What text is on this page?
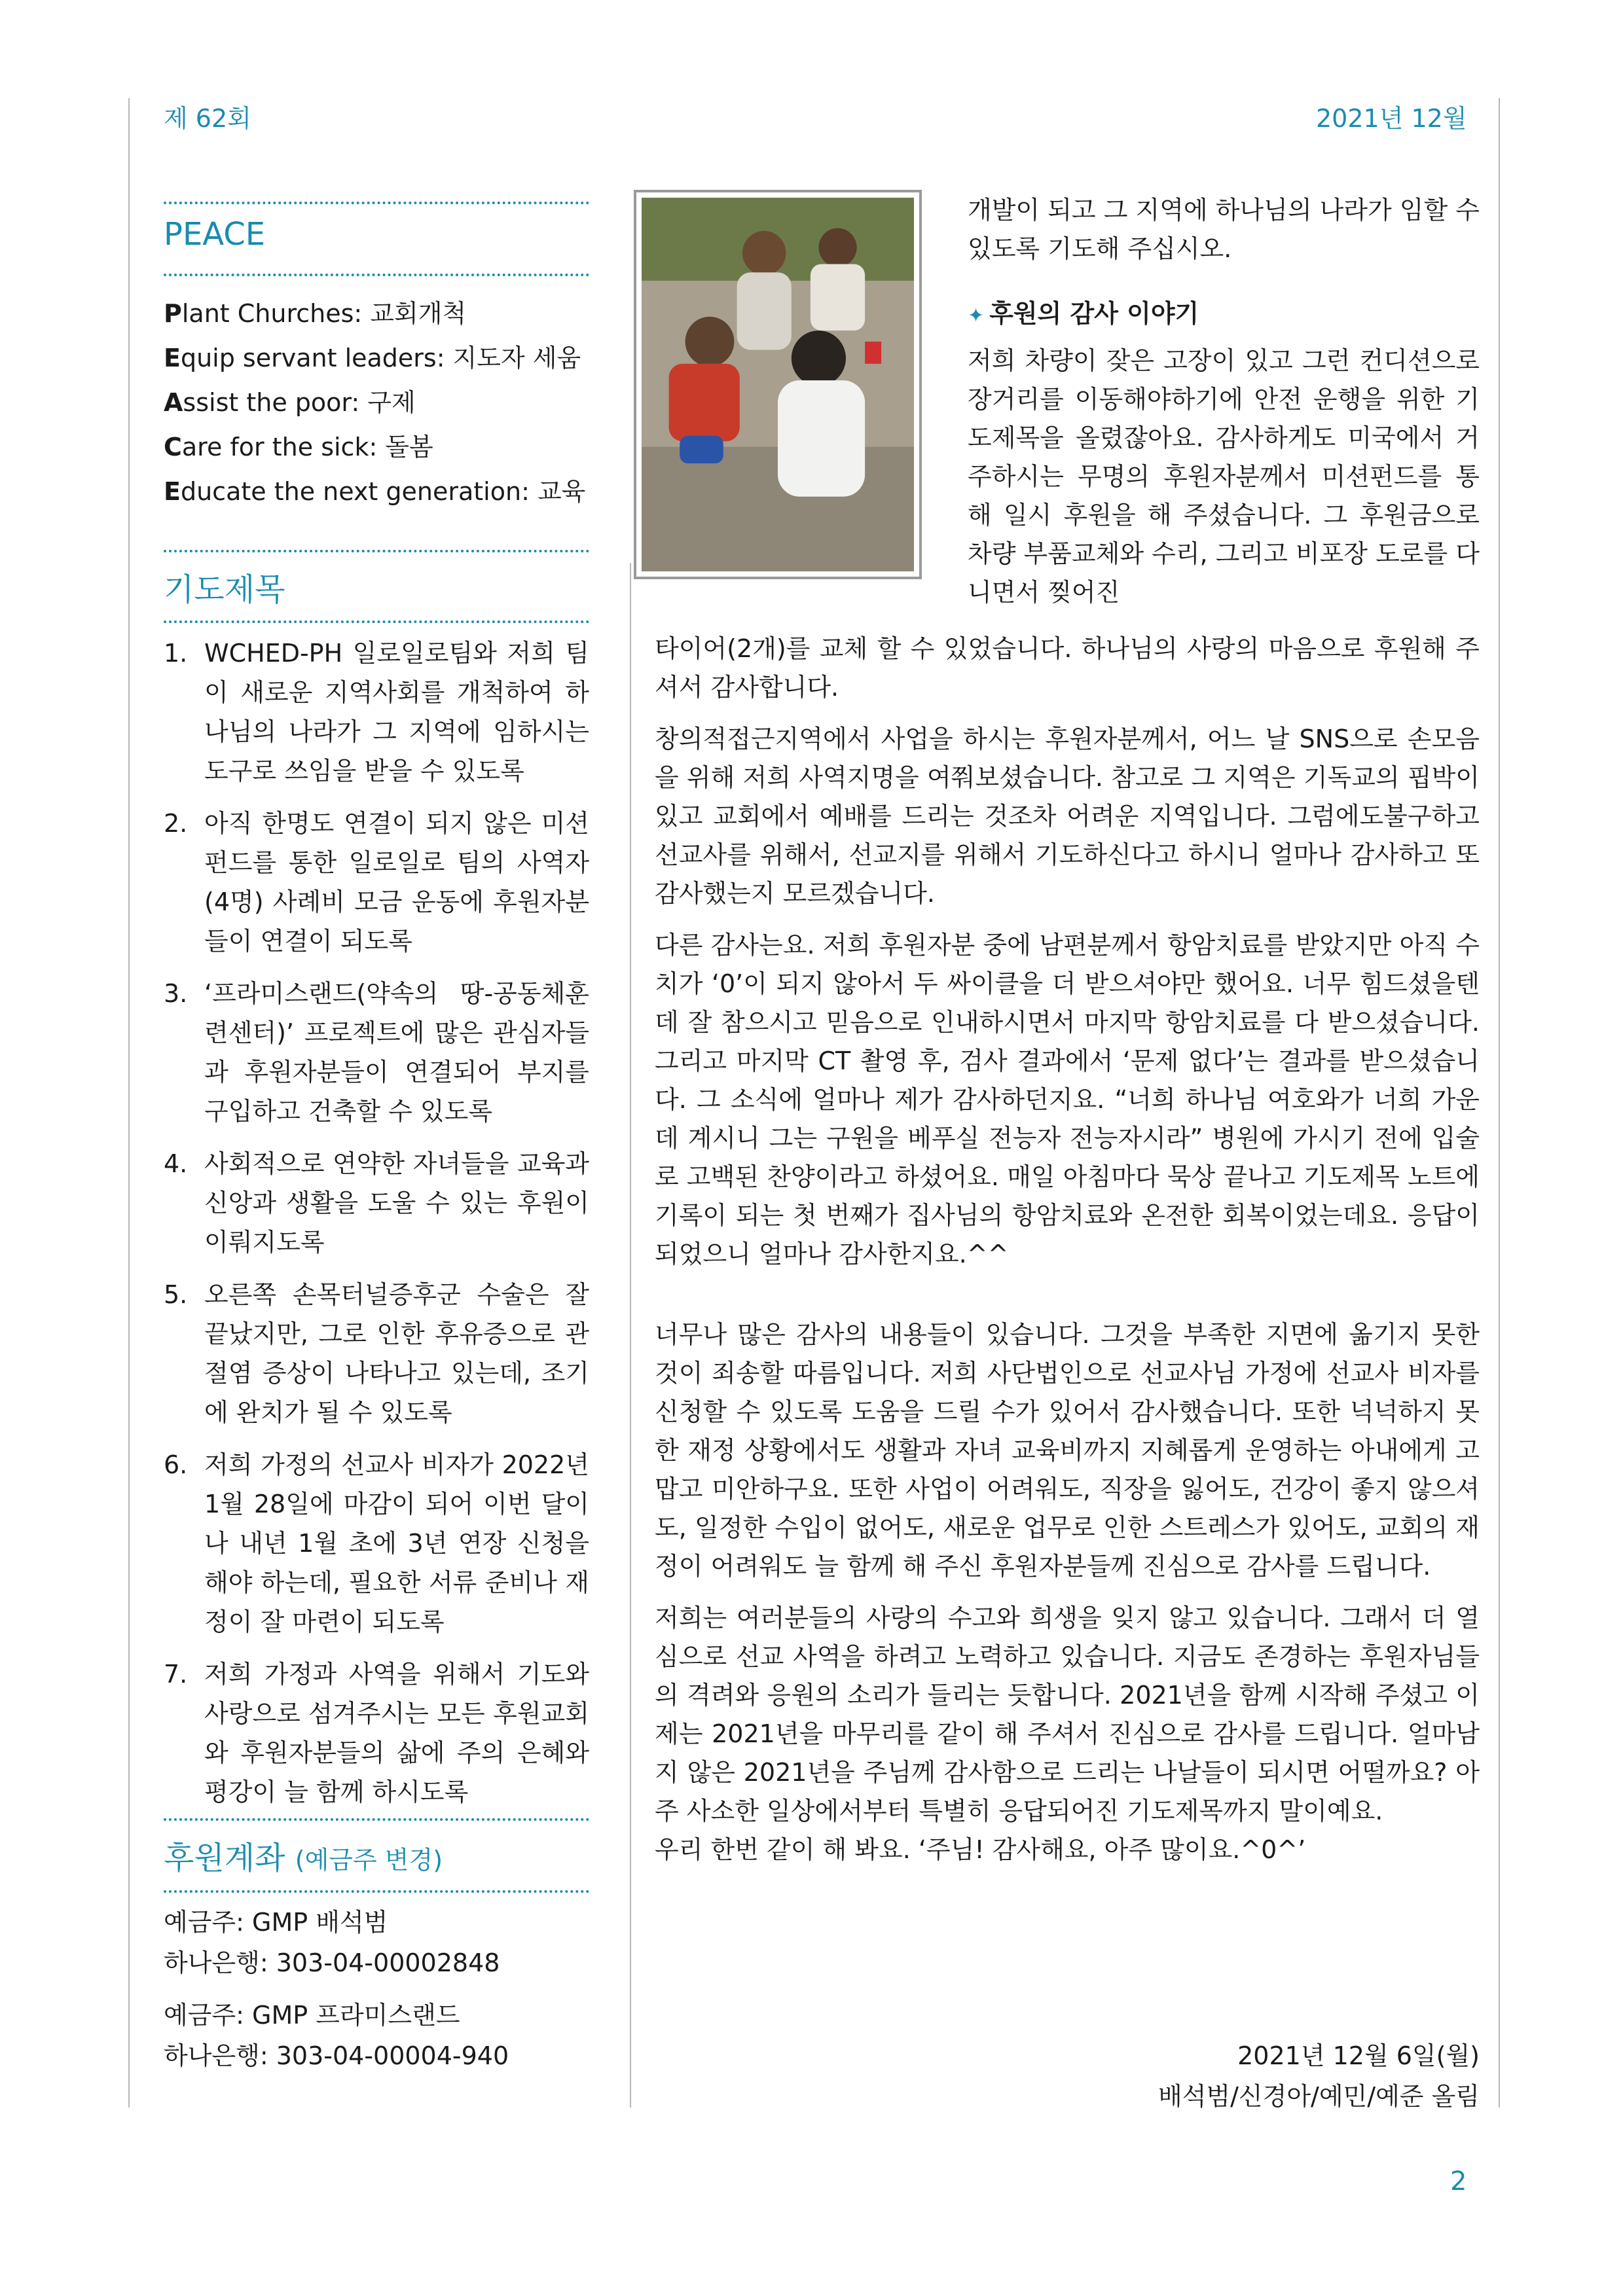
제 62회	2021년 12월
PEACE
Plant Churches: 교회개척
Equip servant leaders: 지도자 세움
Assist the poor: 구제
Care for the sick: 돌봄
Educate the next generation: 교육
기도제목
1. WCHED-PH 일로일로팀와 저희 팀이 새로운 지역사회를 개척하여 하나님의 나라가 그 지역에 임하시는 도구로 쓰임을 받을 수 있도록
2. 아직 한명도 연결이 되지 않은 미션펀드를 통한 일로일로 팀의 사역자(4명) 사례비 모금 운동에 후원자분들이 연결이 되도록
3. ‘프라미스랜드(약속의 땅-공동체훈련센터)’ 프로젝트에 많은 관심자들과 후원자분들이 연결되어 부지를 구입하고 건축할 수 있도록
4. 사회적으로 연약한 자녀들을 교육과 신앙과 생활을 도울 수 있는 후원이 이뤄지도록
5. 오른쪽 손목터널증후군 수술은 잘 끝났지만, 그로 인한 후유증으로 관절염 증상이 나타나고 있는데, 조기에 완치가 될 수 있도록
6. 저희 가정의 선교사 비자가 2022년 1월 28일에 마감이 되어 이번 달이나 내년 1월 초에 3년 연장 신청을 해야 하는데, 필요한 서류 준비나 재정이 잘 마련이 되도록
7. 저희 가정과 사역을 위해서 기도와 사랑으로 섬겨주시는 모든 후원교회와 후원자분들의 삶에 주의 은혜와 평강이 늘 함께 하시도록
후원계좌 (예금주 변경)
예금주: GMP 배석범
하나은행: 303-04-00002848
예금주: GMP 프라미스랜드
하나은행: 303-04-00004-940

개발이 되고 그 지역에 하나님의 나라가 임할 수 있도록 기도해 주십시오.

✦ 후원의 감사 이야기

저희 차량이 잦은 고장이 있고 그런 컨디션으로 장거리를 이동해야하기에 안전 운행을 위한 기도제목을 올렸잖아요. 감사하게도 미국에서 거주하시는 무명의 후원자분께서 미션펀드를 통해 일시 후원을 해 주셨습니다. 그 후원금으로 차량 부품교체와 수리, 그리고 비포장 도로를 다니면서 찢어진

타이어(2개)를 교체 할 수 있었습니다. 하나님의 사랑의 마음으로 후원해 주셔서 감사합니다.

창의적접근지역에서 사업을 하시는 후원자분께서, 어느 날 SNS으로 손모음을 위해 저희 사역지명을 여쭤보셨습니다. 참고로 그 지역은 기독교의 핍박이 있고 교회에서 예배를 드리는 것조차 어려운 지역입니다. 그럼에도불구하고 선교사를 위해서, 선교지를 위해서 기도하신다고 하시니 얼마나 감사하고 또 감사했는지 모르겠습니다.

다른 감사는요. 저희 후원자분 중에 남편분께서 항암치료를 받았지만 아직 수치가 ‘0’이 되지 않아서 두 싸이클을 더 받으셔야만 했어요. 너무 힘드셨을텐데 잘 참으시고 믿음으로 인내하시면서 마지막 항암치료를 다 받으셨습니다. 그리고 마지막 CT 촬영 후, 검사 결과에서 ‘문제 없다’는 결과를 받으셨습니다. 그 소식에 얼마나 제가 감사하던지요. “너희 하나님 여호와가 너희 가운데 계시니 그는 구원을 베푸실 전능자 전능자시라” 병원에 가시기 전에 입술로 고백된 찬양이라고 하셨어요. 매일 아침마다 묵상 끝나고 기도제목 노트에 기록이 되는 첫 번째가 집사님의 항암치료와 온전한 회복이었는데요. 응답이 되었으니 얼마나 감사한지요.^^

너무나 많은 감사의 내용들이 있습니다. 그것을 부족한 지면에 옮기지 못한 것이 죄송할 따름입니다. 저희 사단법인으로 선교사님 가정에 선교사 비자를 신청할 수 있도록 도움을 드릴 수가 있어서 감사했습니다. 또한 넉넉하지 못한 재정 상황에서도 생활과 자녀 교육비까지 지혜롭게 운영하는 아내에게 고맙고 미안하구요. 또한 사업이 어려워도, 직장을 잃어도, 건강이 좋지 않으셔도, 일정한 수입이 없어도, 새로운 업무로 인한 스트레스가 있어도, 교회의 재정이 어려워도 늘 함께 해 주신 후원자분들께 진심으로 감사를 드립니다.

저희는 여러분들의 사랑의 수고와 희생을 잊지 않고 있습니다. 그래서 더 열심으로 선교 사역을 하려고 노력하고 있습니다. 지금도 존경하는 후원자님들의 격려와 응원의 소리가 들리는 듯합니다. 2021년을 함께 시작해 주셨고 이제는 2021년을 마무리를 같이 해 주셔서 진심으로 감사를 드립니다. 얼마남지 않은 2021년을 주님께 감사함으로 드리는 나날들이 되시면 어떨까요? 아주 사소한 일상에서부터 특별히 응답되어진 기도제목까지 말이예요.

우리 한번 같이 해 봐요. ‘주님! 감사해요, 아주 많이요.^0^’

2021년 12월 6일(월)
배석범/신경아/예민/예준 올림
2
